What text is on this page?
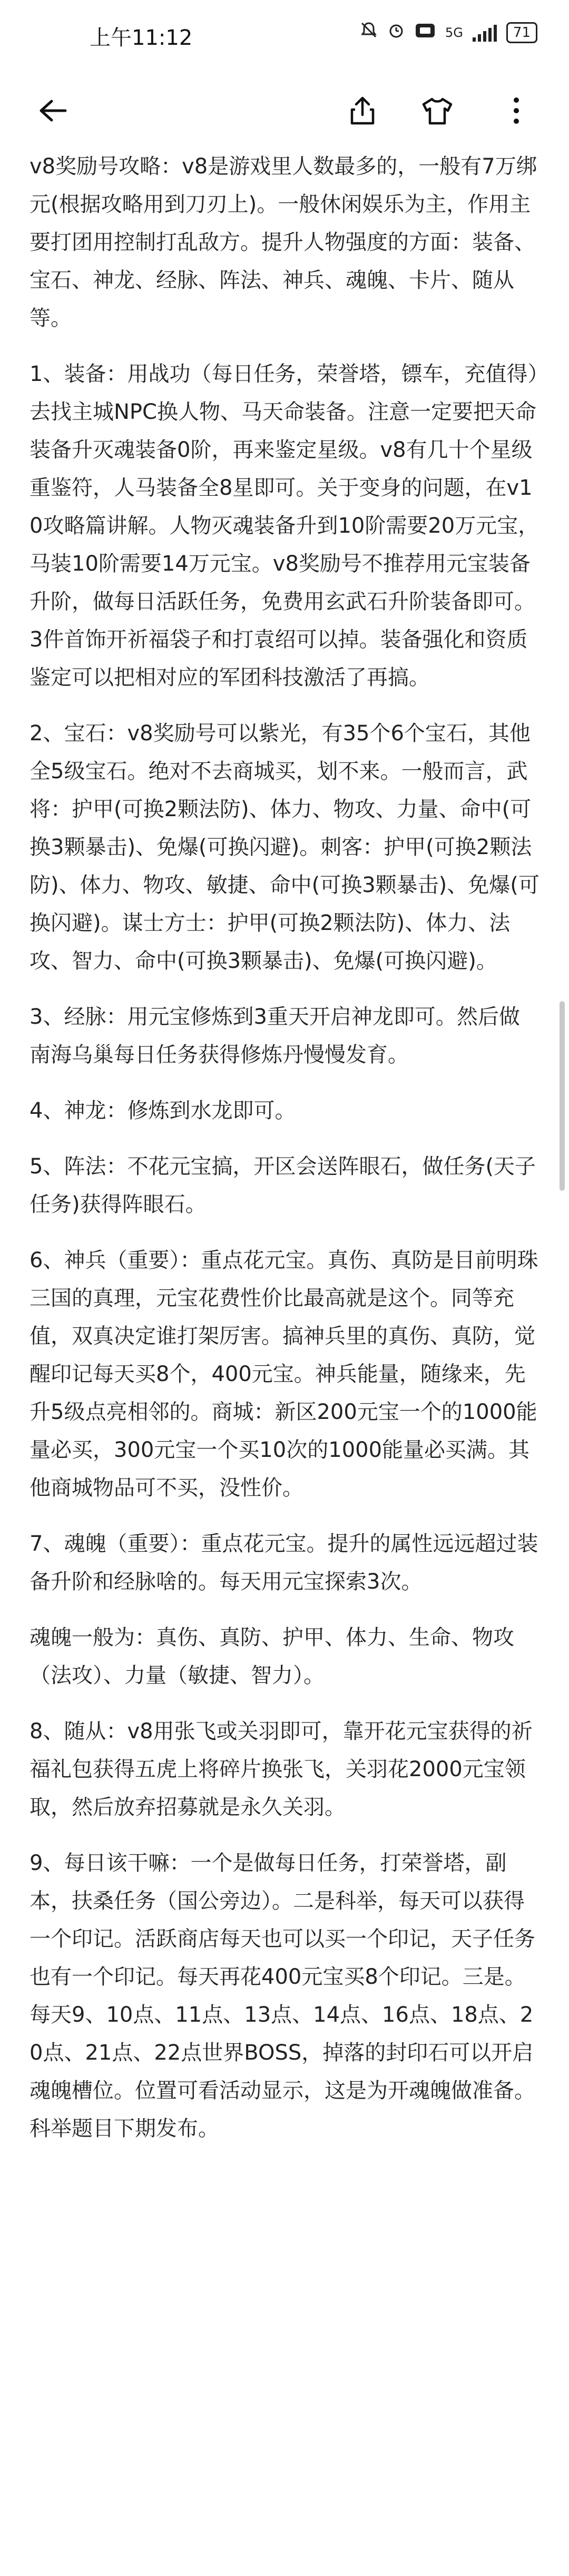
上午11:12	5G	71

v8奖励号攻略：v8是游戏里人数最多的，一般有7万绑元(根据攻略用到刀刃上)。一般休闲娱乐为主，作用主要打团用控制打乱敌方。提升人物强度的方面：装备、宝石、神龙、经脉、阵法、神兵、魂魄、卡片、随从等。

1、装备：用战功（每日任务，荣誉塔，镖车，充值得）去找主城NPC换人物、马天命装备。注意一定要把天命装备升灭魂装备0阶，再来鉴定星级。v8有几十个星级重鉴符，人马装备全8星即可。关于变身的问题，在v10攻略篇讲解。人物灭魂装备升到10阶需要20万元宝，马装10阶需要14万元宝。v8奖励号不推荐用元宝装备升阶，做每日活跃任务，免费用玄武石升阶装备即可。3件首饰开祈福袋子和打袁绍可以掉。装备强化和资质鉴定可以把相对应的军团科技激活了再搞。

2、宝石：v8奖励号可以紫光，有35个6个宝石，其他全5级宝石。绝对不去商城买，划不来。一般而言，武将：护甲(可换2颗法防)、体力、物攻、力量、命中(可换3颗暴击)、免爆(可换闪避)。刺客：护甲(可换2颗法防)、体力、物攻、敏捷、命中(可换3颗暴击)、免爆(可换闪避)。谋士方士：护甲(可换2颗法防)、体力、法攻、智力、命中(可换3颗暴击)、免爆(可换闪避)。

3、经脉：用元宝修炼到3重天开启神龙即可。然后做南海乌巢每日任务获得修炼丹慢慢发育。

4、神龙：修炼到水龙即可。

5、阵法：不花元宝搞，开区会送阵眼石，做任务(天子任务)获得阵眼石。

6、神兵（重要）：重点花元宝。真伤、真防是目前明珠三国的真理，元宝花费性价比最高就是这个。同等充值，双真决定谁打架厉害。搞神兵里的真伤、真防，觉醒印记每天买8个，400元宝。神兵能量，随缘来，先升5级点亮相邻的。商城：新区200元宝一个的1000能量必买，300元宝一个买10次的1000能量必买满。其他商城物品可不买，没性价。

7、魂魄（重要）：重点花元宝。提升的属性远远超过装备升阶和经脉啥的。每天用元宝探索3次。

魂魄一般为：真伤、真防、护甲、体力、生命、物攻（法攻）、力量（敏捷、智力）。

8、随从：v8用张飞或关羽即可，靠开花元宝获得的祈福礼包获得五虎上将碎片换张飞，关羽花2000元宝领取，然后放弃招募就是永久关羽。

9、每日该干嘛：一个是做每日任务，打荣誉塔，副本，扶桑任务（国公旁边）。二是科举，每天可以获得一个印记。活跃商店每天也可以买一个印记，天子任务也有一个印记。每天再花400元宝买8个印记。三是。每天9、10点、11点、13点、14点、16点、18点、20点、21点、22点世界BOSS，掉落的封印石可以开启魂魄槽位。位置可看活动显示，这是为开魂魄做准备。科举题目下期发布。
